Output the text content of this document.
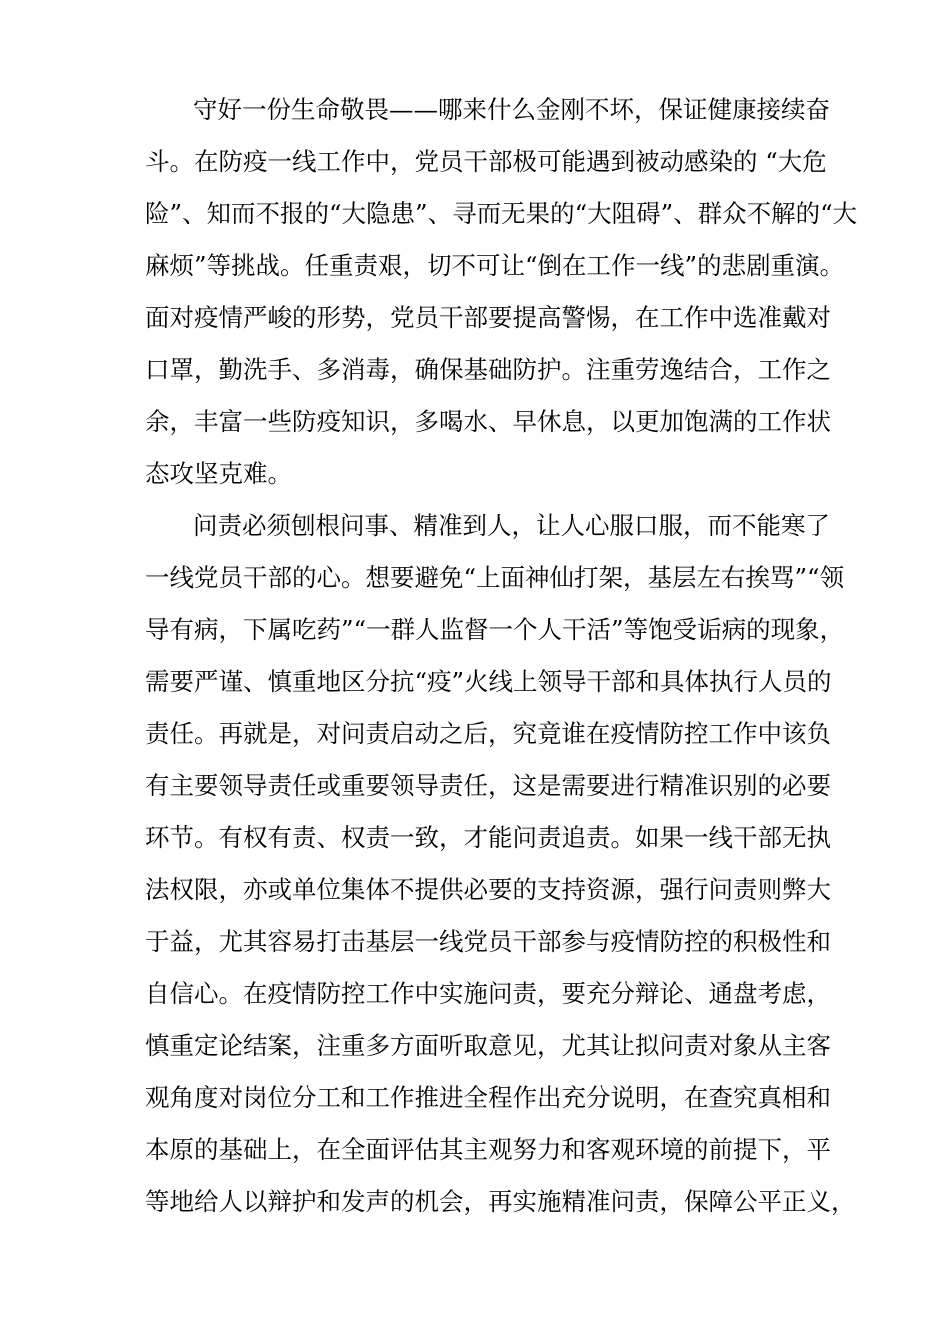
守好一份生命敬畏——哪来什么金刚不坏，保证健康接续奋
斗。在防疫一线工作中，党员干部极可能遇到被动感染的 “大危
险”、知而不报的“大隐患”、寻而无果的“大阻碍”、群众不解的“大
麻烦”等挑战。任重责艰，切不可让“倒在工作一线”的悲剧重演。
面对疫情严峻的形势，党员干部要提高警惕，在工作中选准戴对
口罩，勤洗手、多消毒，确保基础防护。注重劳逸结合，工作之
余，丰富一些防疫知识，多喝水、早休息，以更加饱满的工作状
态攻坚克难。
问责必须刨根问事、精准到人，让人心服口服，而不能寒了
一线党员干部的心。想要避免“上面神仙打架，基层左右挨骂”“领
导有病，下属吃药”“一群人监督一个人干活”等饱受诟病的现象，
需要严谨、慎重地区分抗“疫”火线上领导干部和具体执行人员的
责任。再就是，对问责启动之后，究竟谁在疫情防控工作中该负
有主要领导责任或重要领导责任，这是需要进行精准识别的必要
环节。有权有责、权责一致，才能问责追责。如果一线干部无执
法权限，亦或单位集体不提供必要的支持资源，强行问责则弊大
于益，尤其容易打击基层一线党员干部参与疫情防控的积极性和
自信心。在疫情防控工作中实施问责，要充分辩论、通盘考虑，
慎重定论结案，注重多方面听取意见，尤其让拟问责对象从主客
观角度对岗位分工和工作推进全程作出充分说明，在查究真相和
本原的基础上，在全面评估其主观努力和客观环境的前提下，平
等地给人以辩护和发声的机会，再实施精准问责，保障公平正义，
